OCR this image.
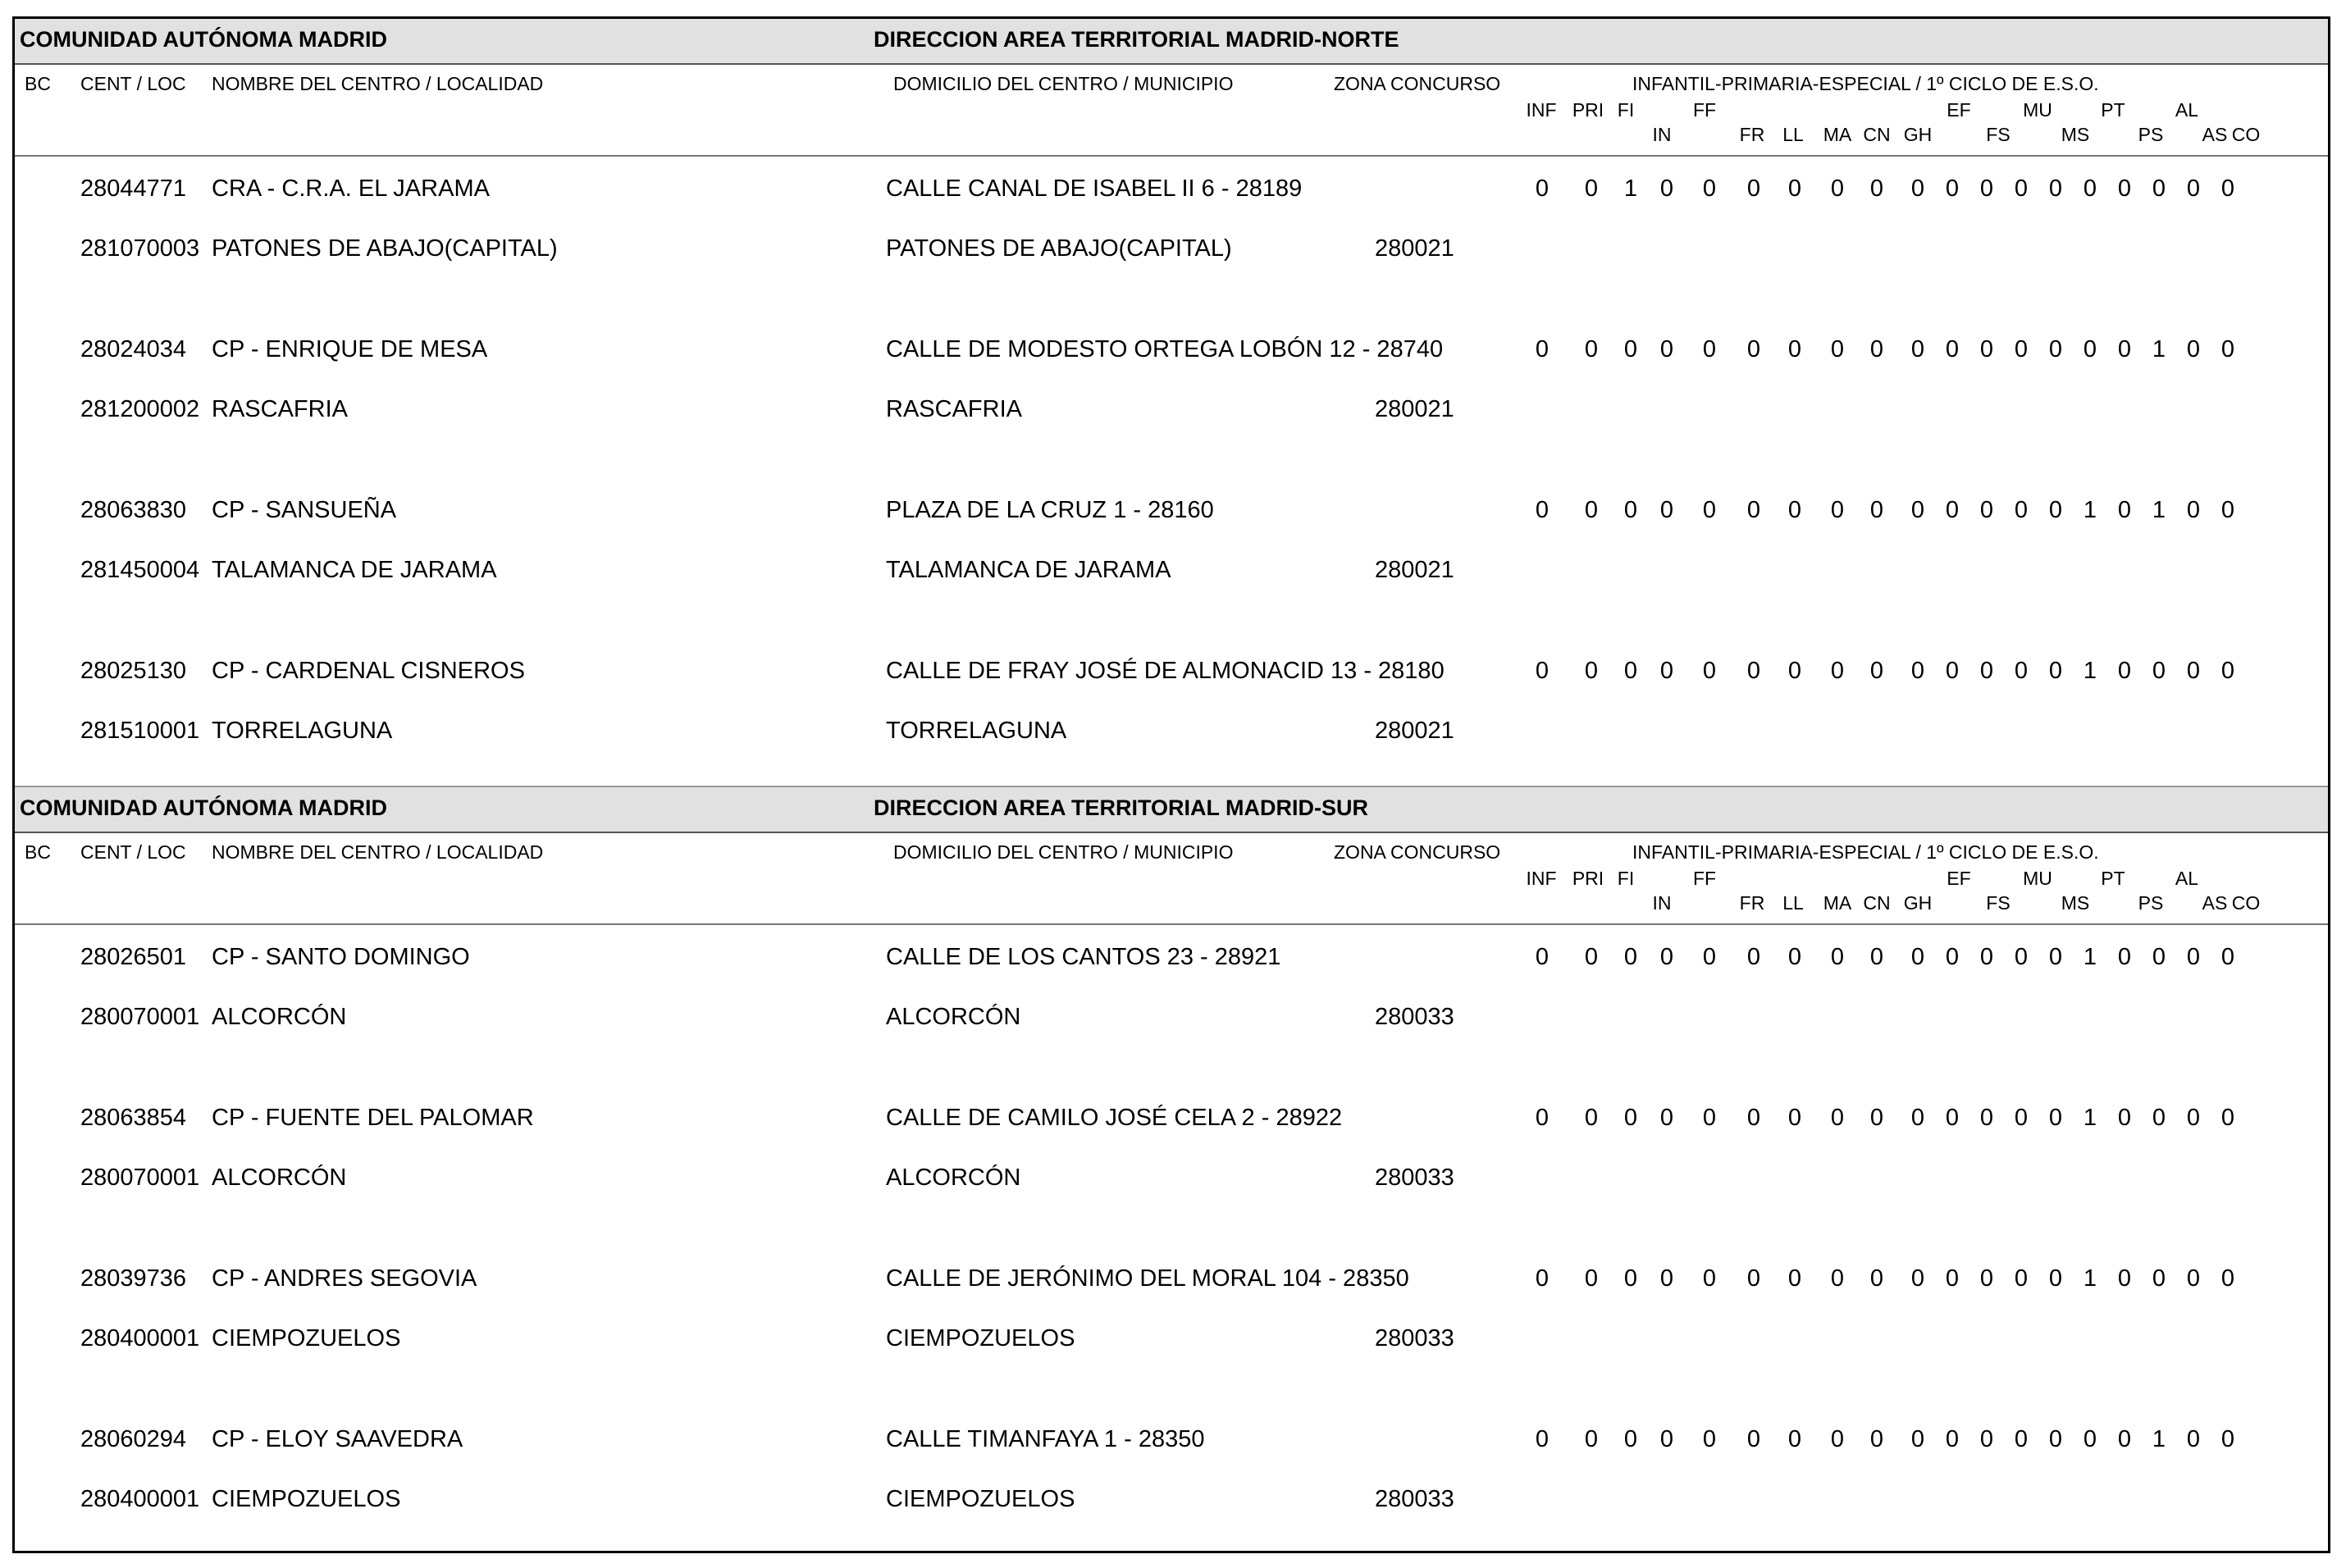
COMUNIDAD AUTÓNOMA MADRID	DIRECCION AREA TERRITORIAL MADRID-NORTE
BC CENT / LOC NOMBRE DEL CENTRO / LOCALIDAD	DOMICILIO DEL CENTRO / MUNICIPIO	ZONA CONCURSO	INFANTIL-PRIMARIA-ESPECIAL / 1º CICLO DE E.S.O.
INF PRI FI
IN
FF
FR LL MA CN GH
EF
FS
MU
MS
PT
PS
AL
AS CO
28044771 CRA - C.R.A. EL JARAMA	CALLE CANAL DE ISABEL II 6 - 28189	0 0 1 0 0 0 0 0 0 0 0 0 0 0 0 0 0 0 0
281070003 PATONES DE ABAJO(CAPITAL)	PATONES DE ABAJO(CAPITAL)	280021
28024034 CP - ENRIQUE DE MESA	CALLE DE MODESTO ORTEGA LOBÓN 12 - 28740	0 0 0 0 0 0 0 0 0 0 0 0 0 0 0 0 1 0 0
281200002 RASCAFRIA	RASCAFRIA	280021
28063830 CP - SANSUEÑA	PLAZA DE LA CRUZ 1 - 28160	0 0 0 0 0 0 0 0 0 0 0 0 0 0 1 0 1 0 0
281450004 TALAMANCA DE JARAMA	TALAMANCA DE JARAMA	280021
28025130 CP - CARDENAL CISNEROS	CALLE DE FRAY JOSÉ DE ALMONACID 13 - 28180	0 0 0 0 0 0 0 0 0 0 0 0 0 0 1 0 0 0 0
281510001 TORRELAGUNA	TORRELAGUNA	280021
COMUNIDAD AUTÓNOMA MADRID	DIRECCION AREA TERRITORIAL MADRID-SUR
BC CENT / LOC NOMBRE DEL CENTRO / LOCALIDAD	DOMICILIO DEL CENTRO / MUNICIPIO	ZONA CONCURSO	INFANTIL-PRIMARIA-ESPECIAL / 1º CICLO DE E.S.O.
INF PRI FI
IN
FF
FR LL MA CN GH
EF
FS
MU
MS
PT
PS
AL
AS CO
28026501 CP - SANTO DOMINGO	CALLE DE LOS CANTOS 23 - 28921	0 0 0 0 0 0 0 0 0 0 0 0 0 0 1 0 0 0 0
280070001 ALCORCÓN	ALCORCÓN	280033
28063854 CP - FUENTE DEL PALOMAR	CALLE DE CAMILO JOSÉ CELA 2 - 28922	0 0 0 0 0 0 0 0 0 0 0 0 0 0 1 0 0 0 0
280070001 ALCORCÓN	ALCORCÓN	280033
28039736 CP - ANDRES SEGOVIA	CALLE DE JERÓNIMO DEL MORAL 104 - 28350	0 0 0 0 0 0 0 0 0 0 0 0 0 0 1 0 0 0 0
280400001 CIEMPOZUELOS	CIEMPOZUELOS	280033
28060294 CP - ELOY SAAVEDRA	CALLE TIMANFAYA 1 - 28350	0 0 0 0 0 0 0 0 0 0 0 0 0 0 0 0 1 0 0
280400001 CIEMPOZUELOS	CIEMPOZUELOS	280033
